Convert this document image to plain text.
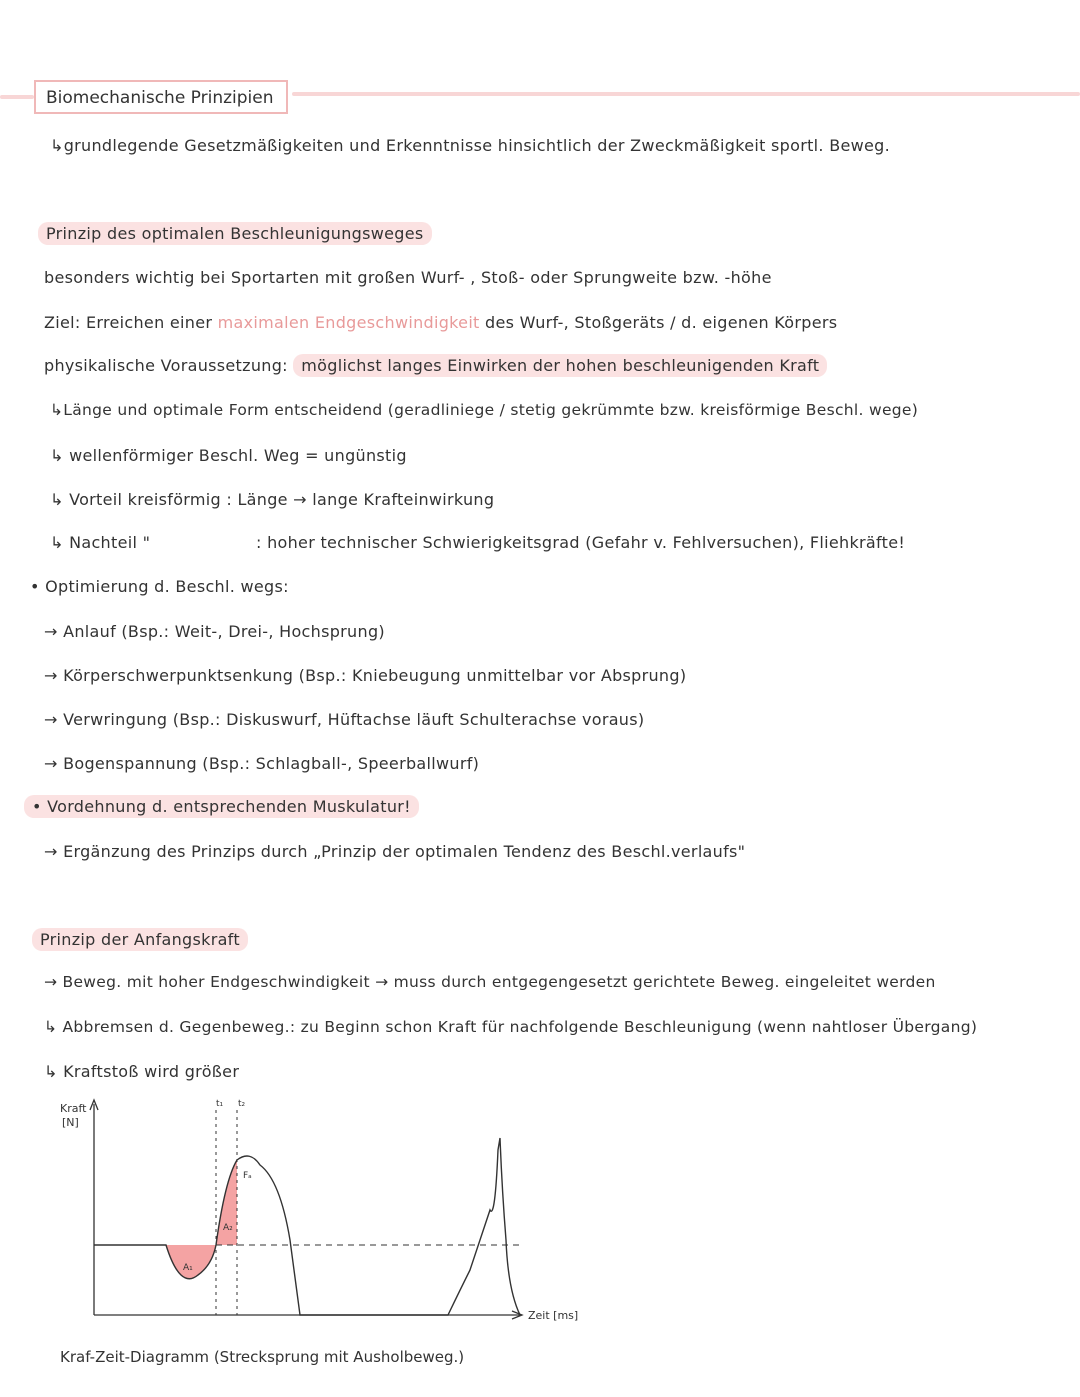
Biomechanische Prinzipien
↳grundlegende Gesetzmäßigkeiten und Erkenntnisse hinsichtlich der Zweckmäßigkeit sportl. Beweg.
Prinzip des optimalen Beschleunigungsweges
besonders wichtig bei Sportarten mit großen Wurf- , Stoß- oder Sprungweite bzw. -höhe
Ziel: Erreichen einer maximalen Endgeschwindigkeit des Wurf-, Stoßgeräts / d. eigenen Körpers
physikalische Voraussetzung: möglichst langes Einwirken der hohen beschleunigenden Kraft
↳Länge und optimale Form entscheidend (geradliniege / stetig gekrümmte bzw. kreisförmige Beschl. wege)
↳ wellenförmiger Beschl. Weg = ungünstig
↳ Vorteil kreisförmig : Länge → lange Krafteinwirkung
↳ Nachteil "	: hoher technischer Schwierigkeitsgrad (Gefahr v. Fehlversuchen), Fliehkräfte!
• Optimierung d. Beschl. wegs:
→ Anlauf (Bsp.: Weit-, Drei-, Hochsprung)
→ Körperschwerpunktsenkung (Bsp.: Kniebeugung unmittelbar vor Absprung)
→ Verwringung (Bsp.: Diskuswurf, Hüftachse läuft Schulterachse voraus)
→ Bogenspannung (Bsp.: Schlagball-, Speerballwurf)
• Vordehnung d. entsprechenden Muskulatur!
→ Ergänzung des Prinzips durch „Prinzip der optimalen Tendenz des Beschl.verlaufs"
Prinzip der Anfangskraft
→ Beweg. mit hoher Endgeschwindigkeit → muss durch entgegengesetzt gerichtete Beweg. eingeleitet werden
↳ Abbremsen d. Gegenbeweg.: zu Beginn schon Kraft für nachfolgende Beschleunigung (wenn nahtloser Übergang)
↳ Kraftstoß wird größer
Kraft
[N]
t₁ t₂
Fₐ
A₂
A₁
Zeit [ms]
Kraf-Zeit-Diagramm (Strecksprung mit Ausholbeweg.)
